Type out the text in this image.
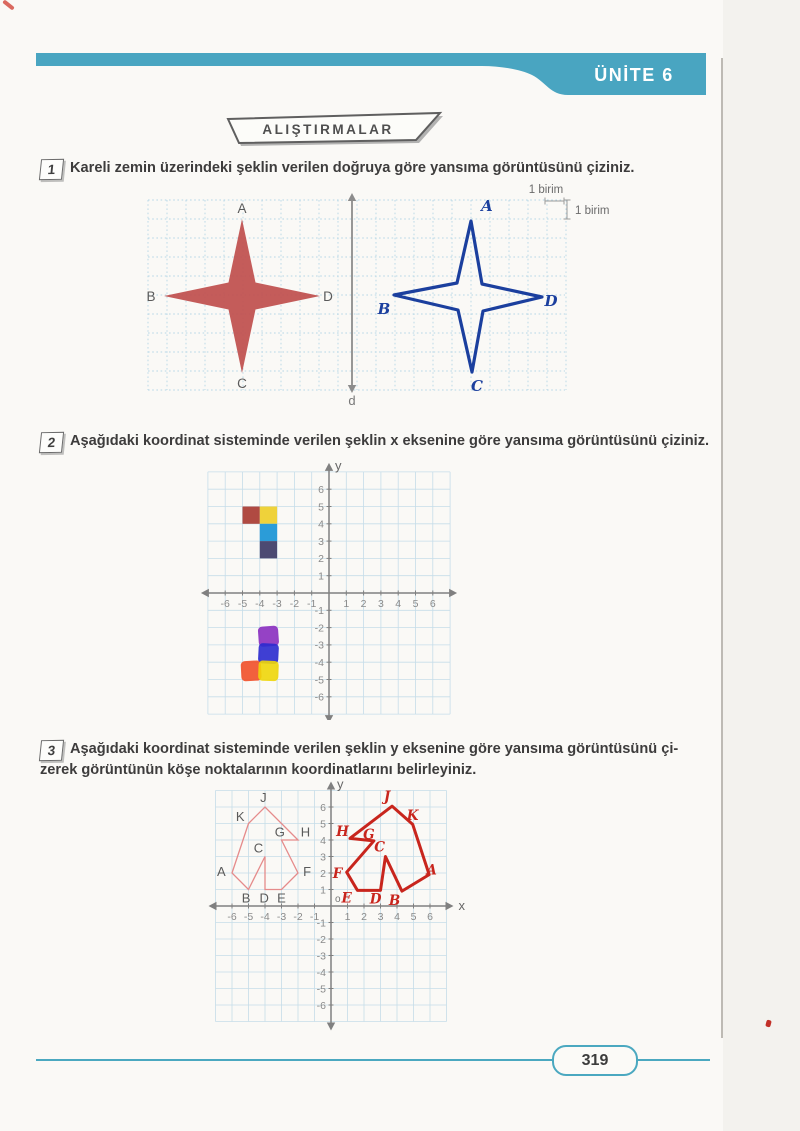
ÜNİTE 6
ALIŞTIRMALAR
1 Kareli zemin üzerindeki şeklin verilen doğruya göre yansıma görüntüsünü çiziniz.
A
B
C
D
d
A
B	D
C
1 birim
1 birim
2 Aşağıdaki koordinat sisteminde verilen şeklin x eksenine göre yansıma görüntüsünü çiziniz.
-6 -5 -4 -3 -2 -1	1 2 3 4 5 6
6
5
4
3
2
1
-1
-2
-3
-4
-5
-6
y
3 Aşağıdaki koordinat sisteminde verilen şeklin y eksenine göre yansıma görüntüsünü çi-
zerek görüntünün köşe noktalarının koordinatlarını belirleyiniz.
-6 -5 -4 -3 -2 -1 1 2 3 4 5 6
6
5
4
3
2
1
-1
-2
-3
-4
-5
-6
y
x
o
A
B
C
D E
F
G H
J
K
J
K
H G
C
A
F
E D B
319
